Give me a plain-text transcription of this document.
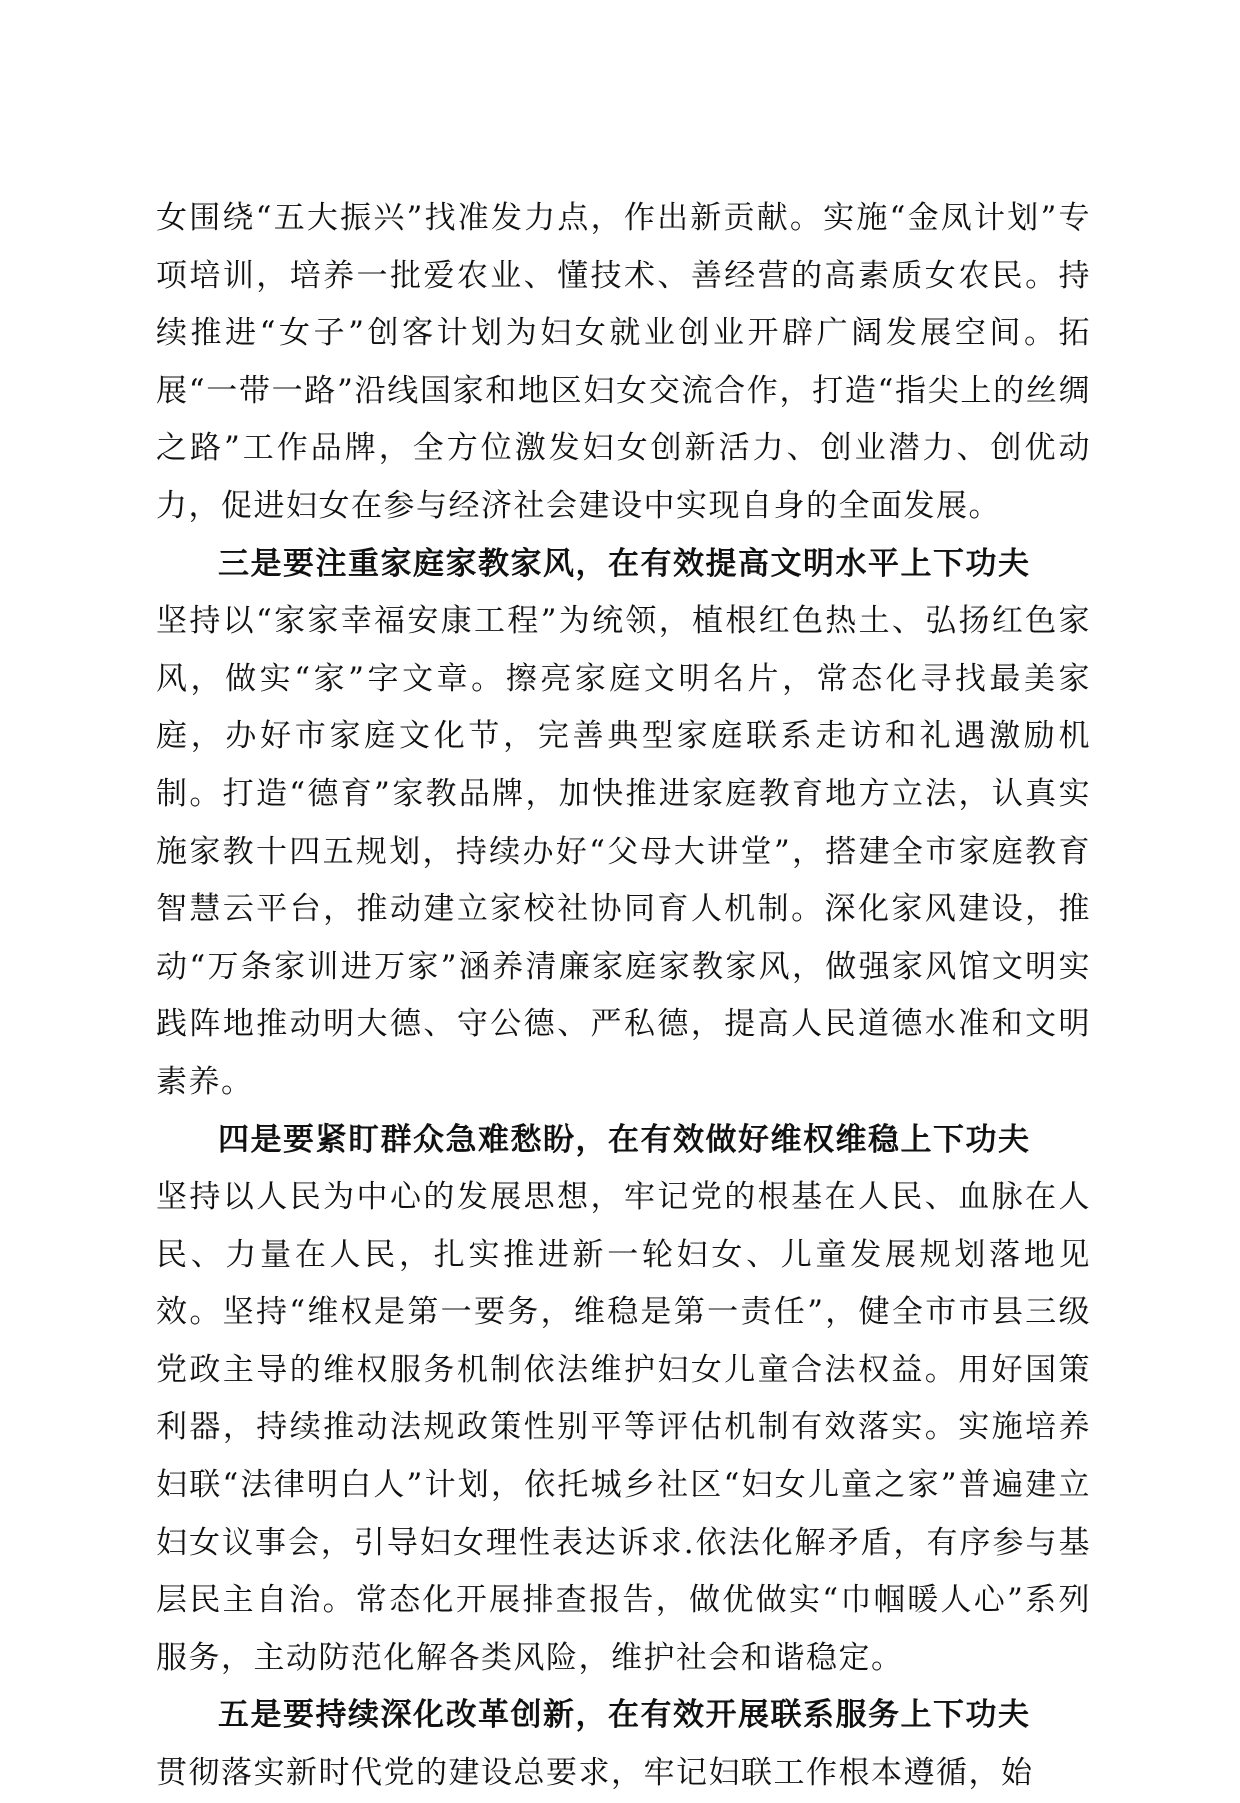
女围绕“五大振兴”找准发力点，作出新贡献。实施“金凤计划”专项培训，培养一批爱农业、懂技术、善经营的高素质女农民。持续推进“女子”创客计划为妇女就业创业开辟广阔发展空间。拓展“一带一路”沿线国家和地区妇女交流合作，打造“指尖上的丝绸之路”工作品牌，全方位激发妇女创新活力、创业潜力、创优动力，促进妇女在参与经济社会建设中实现自身的全面发展。

三是要注重家庭家教家风，在有效提高文明水平上下功夫

坚持以“家家幸福安康工程”为统领，植根红色热土、弘扬红色家风，做实“家”字文章。擦亮家庭文明名片，常态化寻找最美家庭，办好市家庭文化节，完善典型家庭联系走访和礼遇激励机制。打造“德育”家教品牌，加快推进家庭教育地方立法，认真实施家教十四五规划，持续办好“父母大讲堂”，搭建全市家庭教育智慧云平台，推动建立家校社协同育人机制。深化家风建设，推动“万条家训进万家”涵养清廉家庭家教家风，做强家风馆文明实践阵地推动明大德、守公德、严私德，提高人民道德水准和文明素养。

四是要紧盯群众急难愁盼，在有效做好维权维稳上下功夫

坚持以人民为中心的发展思想，牢记党的根基在人民、血脉在人民、力量在人民，扎实推进新一轮妇女、儿童发展规划落地见效。坚持“维权是第一要务，维稳是第一责任”，健全市市县三级党政主导的维权服务机制依法维护妇女儿童合法权益。用好国策利器，持续推动法规政策性别平等评估机制有效落实。实施培养妇联“法律明白人”计划，依托城乡社区“妇女儿童之家”普遍建立妇女议事会，引导妇女理性表达诉求.依法化解矛盾，有序参与基层民主自治。常态化开展排查报告，做优做实“巾帼暖人心”系列服务，主动防范化解各类风险，维护社会和谐稳定。

五是要持续深化改革创新，在有效开展联系服务上下功夫

贯彻落实新时代党的建设总要求，牢记妇联工作根本遵循，始
